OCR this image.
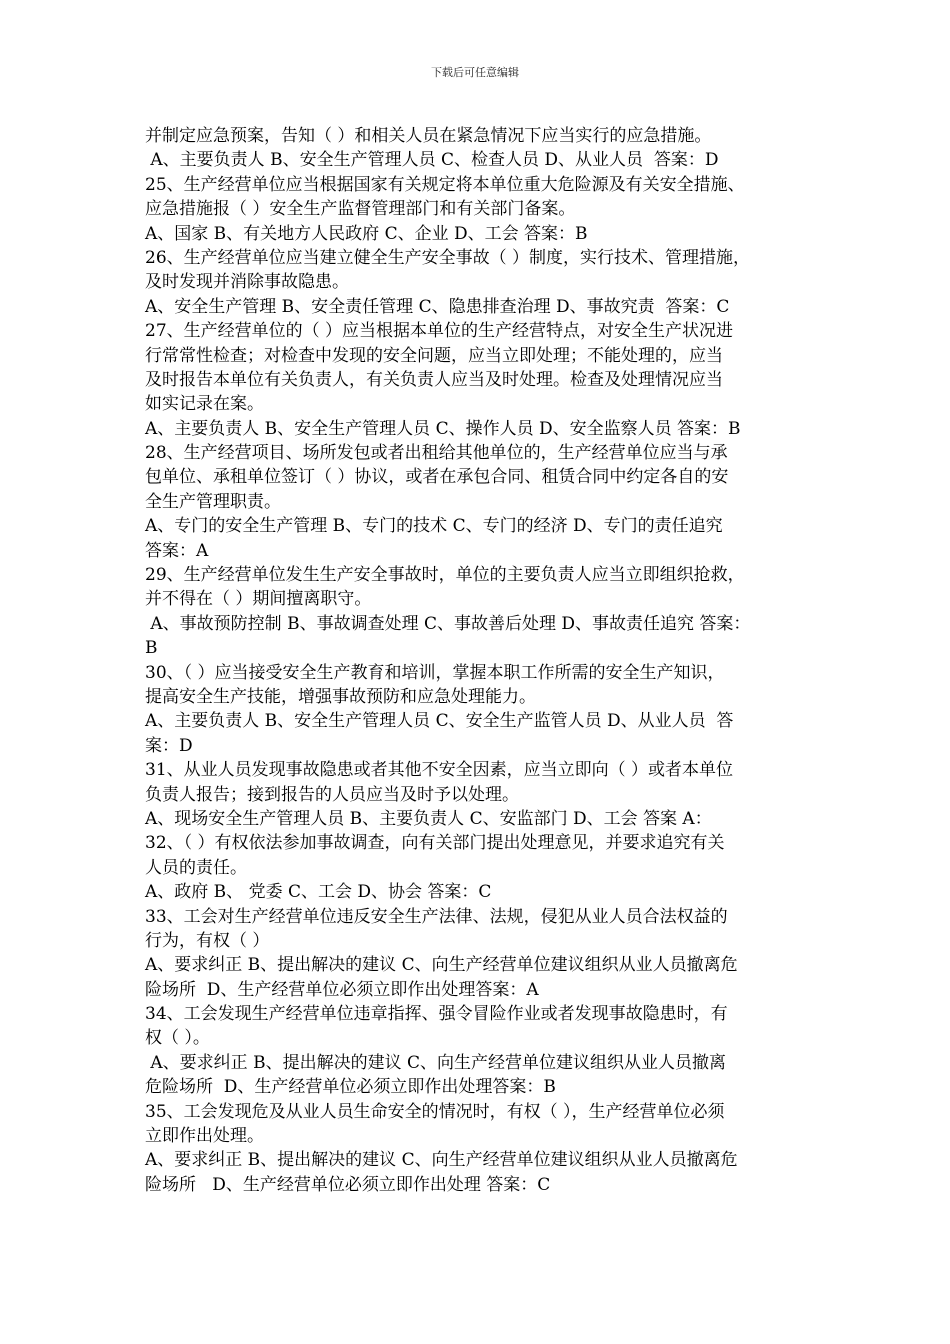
下载后可任意编辑
并制定应急预案，告知（ ）和相关人员在紧急情况下应当实行的应急措施。
A、主要负责人 B、安全生产管理人员 C、检查人员 D、从业人员  答案：D
25、生产经营单位应当根据国家有关规定将本单位重大危险源及有关安全措施、
应急措施报（ ）安全生产监督管理部门和有关部门备案。
A、国家 B、有关地方人民政府 C、企业 D、工会 答案：B
26、生产经营单位应当建立健全生产安全事故（ ）制度，实行技术、管理措施，
及时发现并消除事故隐患。
A、安全生产管理 B、安全责任管理 C、隐患排查治理 D、事故究责  答案：C
27、生产经营单位的（ ）应当根据本单位的生产经营特点，对安全生产状况进
行常常性检查；对检查中发现的安全问题，应当立即处理；不能处理的，应当
及时报告本单位有关负责人，有关负责人应当及时处理。检查及处理情况应当
如实记录在案。
A、主要负责人 B、安全生产管理人员 C、操作人员 D、安全监察人员 答案：B
28、生产经营项目、场所发包或者出租给其他单位的，生产经营单位应当与承
包单位、承租单位签订（ ）协议，或者在承包合同、租赁合同中约定各自的安
全生产管理职责。
A、专门的安全生产管理 B、专门的技术 C、专门的经济 D、专门的责任追究
答案：A
29、生产经营单位发生生产安全事故时，单位的主要负责人应当立即组织抢救，
并不得在（ ）期间擅离职守。
A、事故预防控制 B、事故调查处理 C、事故善后处理 D、事故责任追究 答案：
B
30、（ ）应当接受安全生产教育和培训，掌握本职工作所需的安全生产知识，
提高安全生产技能，增强事故预防和应急处理能力。
A、主要负责人 B、安全生产管理人员 C、安全生产监管人员 D、从业人员  答
案：D
31、从业人员发现事故隐患或者其他不安全因素，应当立即向（ ）或者本单位
负责人报告；接到报告的人员应当及时予以处理。
A、现场安全生产管理人员 B、主要负责人 C、安监部门 D、工会 答案 A：
32、（ ）有权依法参加事故调查，向有关部门提出处理意见，并要求追究有关
人员的责任。
A、政府 B、 党委 C、工会 D、协会 答案：C
33、工会对生产经营单位违反安全生产法律、法规，侵犯从业人员合法权益的
行为，有权（ ）
A、要求纠正 B、提出解决的建议 C、向生产经营单位建议组织从业人员撤离危
险场所  D、生产经营单位必须立即作出处理答案：A
34、工会发现生产经营单位违章指挥、强令冒险作业或者发现事故隐患时，有
权（ ）。
A、要求纠正 B、提出解决的建议 C、向生产经营单位建议组织从业人员撤离
危险场所  D、生产经营单位必须立即作出处理答案：B
35、工会发现危及从业人员生命安全的情况时，有权（ ），生产经营单位必须
立即作出处理。
A、要求纠正 B、提出解决的建议 C、向生产经营单位建议组织从业人员撤离危
险场所   D、生产经营单位必须立即作出处理 答案：C
